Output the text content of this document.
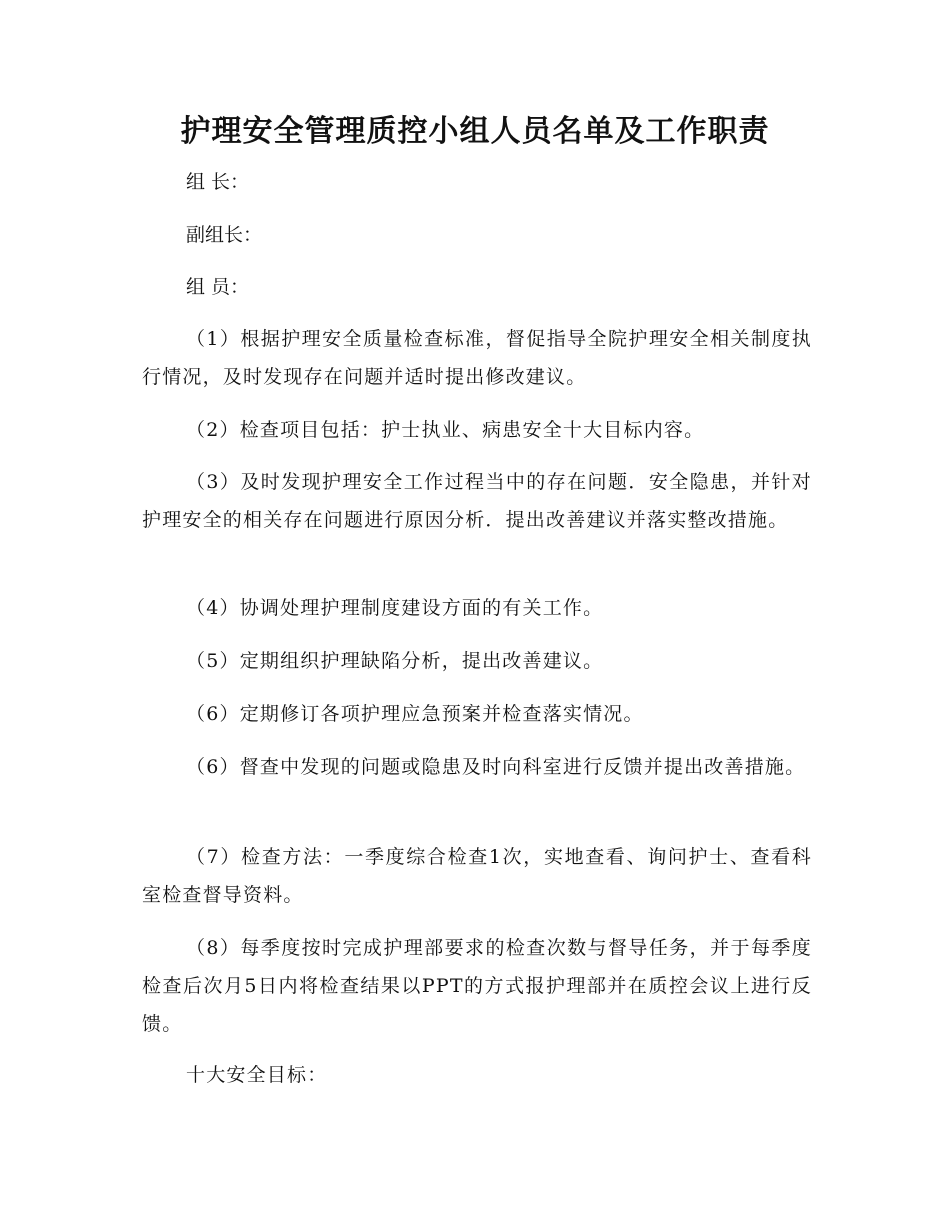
护理安全管理质控小组人员名单及工作职责

组 长：

副组长：

组 员：

（1）根据护理安全质量检查标准，督促指导全院护理安全相关制度执行情况，及时发现存在问题并适时提出修改建议。

（2）检查项目包括：护士执业、病患安全十大目标内容。

（3）及时发现护理安全工作过程当中的存在问题．安全隐患，并针对护理安全的相关存在问题进行原因分析．提出改善建议并落实整改措施。

（4）协调处理护理制度建设方面的有关工作。

（5）定期组织护理缺陷分析，提出改善建议。

（6）定期修订各项护理应急预案并检查落实情况。

（6）督查中发现的问题或隐患及时向科室进行反馈并提出改善措施。

（7）检查方法：一季度综合检查1次，实地查看、询问护士、查看科室检查督导资料。

（8）每季度按时完成护理部要求的检查次数与督导任务，并于每季度检查后次月5日内将检查结果以PPT的方式报护理部并在质控会议上进行反馈。

十大安全目标：
